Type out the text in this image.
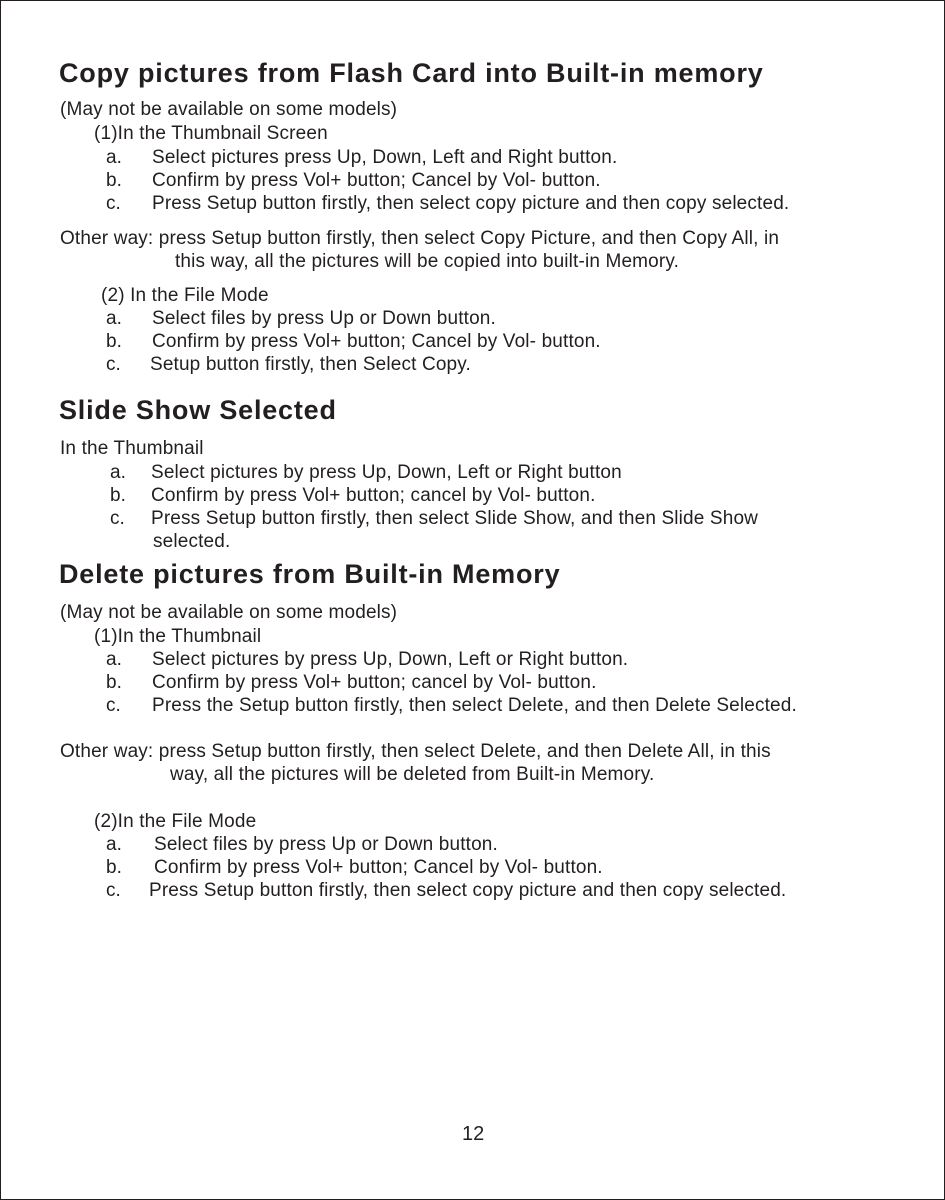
Copy pictures from Flash Card into Built-in memory
(May not be available on some models)
(1)In the Thumbnail Screen
a. Select pictures press Up, Down, Left and Right button.
b. Confirm by press Vol+ button; Cancel by Vol- button.
c. Press Setup button firstly, then select copy picture and then copy selected.
Other way: press Setup button firstly, then select Copy Picture, and then Copy All, in
this way, all the pictures will be copied into built-in Memory.
(2) In the File Mode
a. Select files by press Up or Down button.
b. Confirm by press Vol+ button; Cancel by Vol- button.
c. Setup button firstly, then Select Copy.
Slide Show Selected
In the Thumbnail
a. Select pictures by press Up, Down, Left or Right button
b. Confirm by press Vol+ button; cancel by Vol- button.
c. Press Setup button firstly, then select Slide Show, and then Slide Show
selected.
Delete pictures from Built-in Memory
(May not be available on some models)
(1)In the Thumbnail
a. Select pictures by press Up, Down, Left or Right button.
b. Confirm by press Vol+ button; cancel by Vol- button.
c. Press the Setup button firstly, then select Delete, and then Delete Selected.
Other way: press Setup button firstly, then select Delete, and then Delete All, in this
way, all the pictures will be deleted from Built-in Memory.
(2)In the File Mode
a. Select files by press Up or Down button.
b. Confirm by press Vol+ button; Cancel by Vol- button.
c. Press Setup button firstly, then select copy picture and then copy selected.
12
